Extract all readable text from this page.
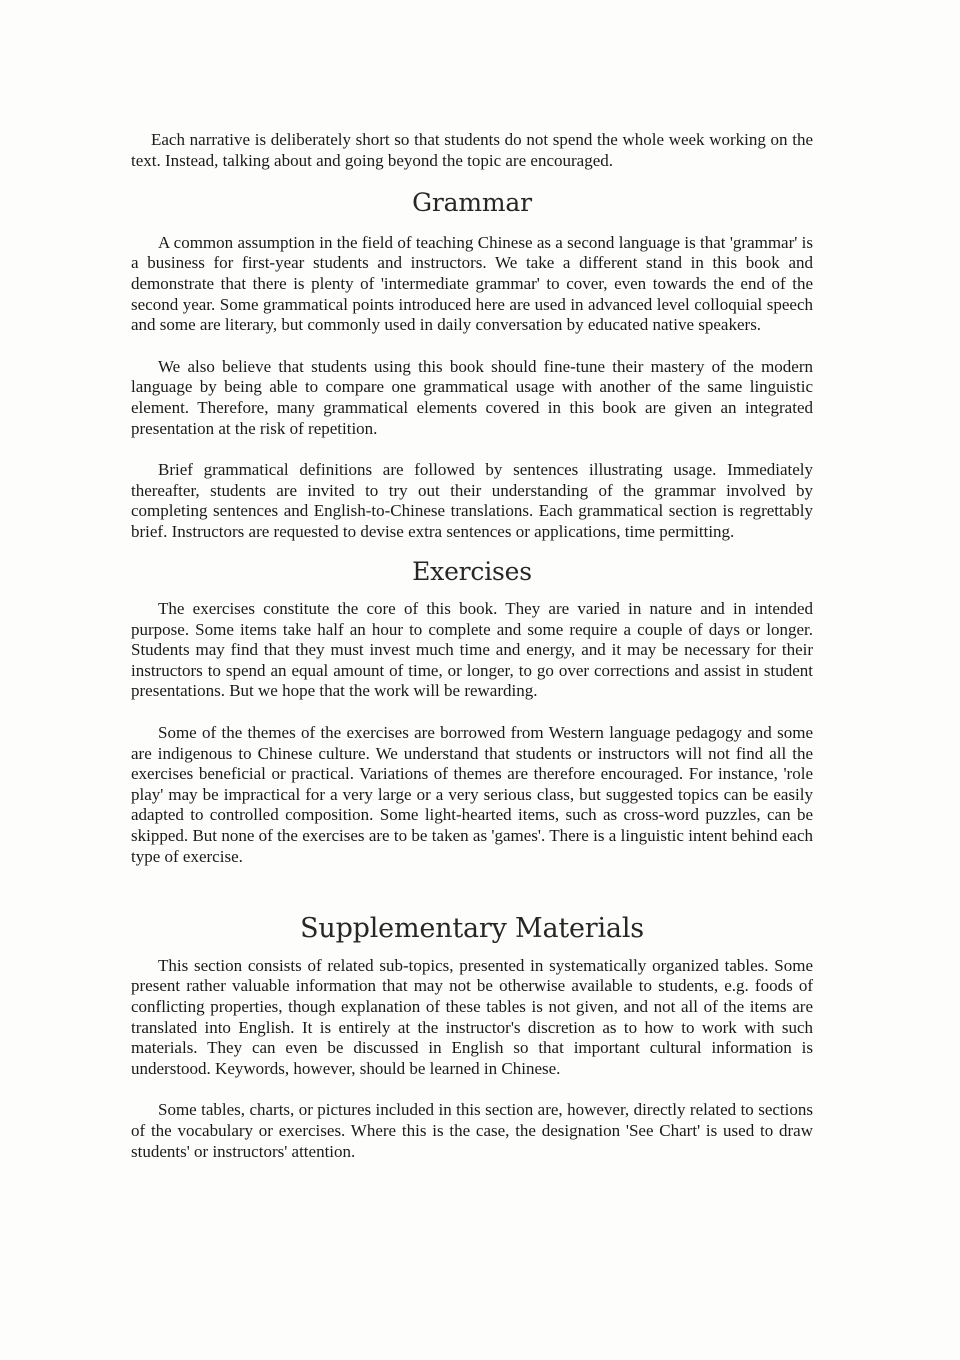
Each narrative is deliberately short so that students do not spend the whole week working on the text. Instead, talking about and going beyond the topic are encouraged.

Grammar

A common assumption in the field of teaching Chinese as a second language is that 'grammar' is a business for first-year students and instructors. We take a different stand in this book and demonstrate that there is plenty of 'intermediate grammar' to cover, even towards the end of the second year. Some grammatical points introduced here are used in advanced level colloquial speech and some are literary, but commonly used in daily conversation by educated native speakers.

We also believe that students using this book should fine-tune their mastery of the modern language by being able to compare one grammatical usage with another of the same linguistic element. Therefore, many grammatical elements covered in this book are given an integrated presentation at the risk of repetition.

Brief grammatical definitions are followed by sentences illustrating usage. Immediately thereafter, students are invited to try out their understanding of the grammar involved by completing sentences and English-to-Chinese translations. Each grammatical section is regrettably brief. Instructors are requested to devise extra sentences or applications, time permitting.

Exercises

The exercises constitute the core of this book. They are varied in nature and in intended purpose. Some items take half an hour to complete and some require a couple of days or longer. Students may find that they must invest much time and energy, and it may be necessary for their instructors to spend an equal amount of time, or longer, to go over corrections and assist in student presentations. But we hope that the work will be rewarding.

Some of the themes of the exercises are borrowed from Western language pedagogy and some are indigenous to Chinese culture. We understand that students or instructors will not find all the exercises beneficial or practical. Variations of themes are therefore encouraged. For instance, 'role play' may be impractical for a very large or a very serious class, but suggested topics can be easily adapted to controlled composition. Some light-hearted items, such as cross-word puzzles, can be skipped. But none of the exercises are to be taken as 'games'. There is a linguistic intent behind each type of exercise.

Supplementary Materials

This section consists of related sub-topics, presented in systematically organized tables. Some present rather valuable information that may not be otherwise available to students, e.g. foods of conflicting properties, though explanation of these tables is not given, and not all of the items are translated into English. It is entirely at the instructor's discretion as to how to work with such materials. They can even be discussed in English so that important cultural information is understood. Keywords, however, should be learned in Chinese.

Some tables, charts, or pictures included in this section are, however, directly related to sections of the vocabulary or exercises. Where this is the case, the designation 'See Chart' is used to draw students' or instructors' attention.
